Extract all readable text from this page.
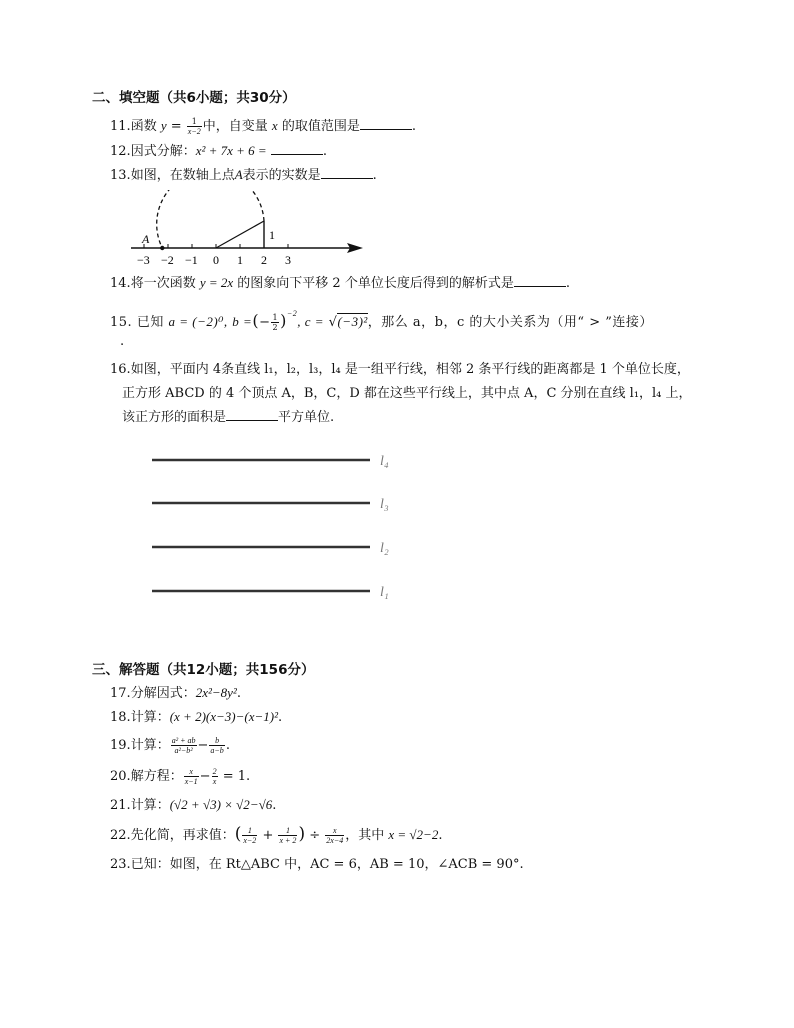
二、填空题（共6小题；共30分）
11.函数 $y = \frac{1}{x-2}$ 中，自变量 x 的取值范围是	.
12.因式分解：x² + 7x + 6 =	.
13.如图，在数轴上点A表示的实数是	.
−3 −2 −1 0 1 2 3
1
A
14.将一次函数 y = 2x 的图象向下平移 2 个单位长度后得到的解析式是	.
15. 已知 a = (−2)⁰, b =(− $\frac{1}{2} )^{-2}$, c = √(−3)²，那么 a，b，c 的大小关系为（用“ > ”连接）
.
16.如图，平面内 4条直线 l₁，l₂，l₃，l₄ 是一组平行线，相邻 2 条平行线的距离都是 1 个单位长度，
正方形 ABCD 的 4 个顶点 A，B，C，D 都在这些平行线上，其中点 A，C 分别在直线 l₁，l₄ 上，
该正方形的面积是	平方单位.
l₄
l₃
l₂
l₁
三、解答题（共12小题；共156分）
17.分解因式：2x²−8y².
18.计算：(x + 2)(x−3)−(x−1)².
19.计算： $\frac{\text{a² + ab}}{\text{a²−b²}} - \frac{b}{a-b}$ .
20.解方程： $\frac{x}{x-1} - \frac{2}{x} = 1$.
21.计算：(√2 + √3) × √2−√6.
22.先化简，再求值：( $\frac{1}{x-2} + \frac{1}{x + 2}$ ) ÷ $\frac{x}{2x-4}$ ，其中 x = √2−2.
23.已知：如图，在 Rt△ABC 中，AC = 6，AB = 10，∠ACB = 90°.
